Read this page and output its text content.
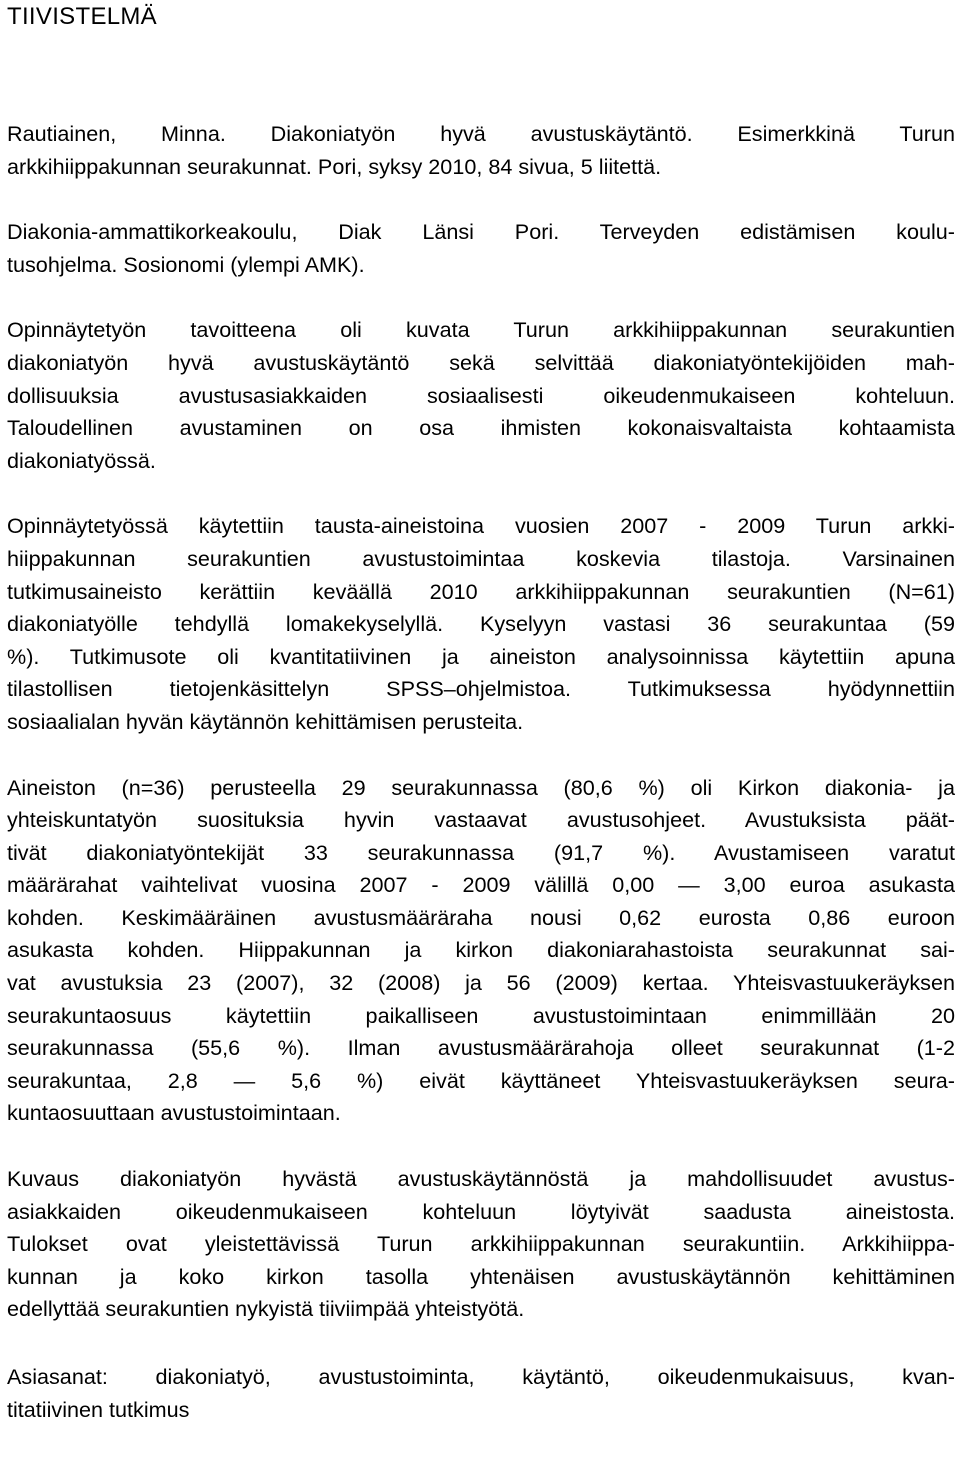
TIIVISTELMÄ

Rautiainen, Minna. Diakoniatyön hyvä avustuskäytäntö. Esimerkkinä Turun
arkkihiippakunnan seurakunnat. Pori, syksy 2010, 84 sivua, 5 liitettä.

Diakonia-ammattikorkeakoulu, Diak Länsi Pori. Terveyden edistämisen koulu-
tusohjelma. Sosionomi (ylempi AMK).

Opinnäytetyön tavoitteena oli kuvata Turun arkkihiippakunnan seurakuntien
diakoniatyön hyvä avustuskäytäntö sekä selvittää diakoniatyöntekijöiden mah-
dollisuuksia avustusasiakkaiden sosiaalisesti oikeudenmukaiseen kohteluun.
Taloudellinen avustaminen on osa ihmisten kokonaisvaltaista kohtaamista
diakoniatyössä.

Opinnäytetyössä käytettiin tausta-aineistoina vuosien 2007 - 2009 Turun arkki-
hiippakunnan seurakuntien avustustoimintaa koskevia tilastoja. Varsinainen
tutkimusaineisto kerättiin keväällä 2010 arkkihiippakunnan seurakuntien (N=61)
diakoniatyölle tehdyllä lomakekyselyllä. Kyselyyn vastasi 36 seurakuntaa (59
%). Tutkimusote oli kvantitatiivinen ja aineiston analysoinnissa käytettiin apuna
tilastollisen tietojenkäsittelyn SPSS–ohjelmistoa. Tutkimuksessa hyödynnettiin
sosiaalialan hyvän käytännön kehittämisen perusteita.

Aineiston (n=36) perusteella 29 seurakunnassa (80,6 %) oli Kirkon diakonia- ja
yhteiskuntatyön suosituksia hyvin vastaavat avustusohjeet. Avustuksista päät-
tivät diakoniatyöntekijät 33 seurakunnassa (91,7 %). Avustamiseen varatut
määrärahat vaihtelivat vuosina 2007 - 2009 välillä 0,00 — 3,00 euroa asukasta
kohden. Keskimääräinen avustusmääräraha nousi 0,62 eurosta 0,86 euroon
asukasta kohden. Hiippakunnan ja kirkon diakoniarahastoista seurakunnat sai-
vat avustuksia 23 (2007), 32 (2008) ja 56 (2009) kertaa. Yhteisvastuukeräyksen
seurakuntaosuus käytettiin paikalliseen avustustoimintaan enimmillään 20
seurakunnassa (55,6 %). Ilman avustusmäärärahoja olleet seurakunnat (1-2
seurakuntaa, 2,8 — 5,6 %) eivät käyttäneet Yhteisvastuukeräyksen seura-
kuntaosuuttaan avustustoimintaan.

Kuvaus diakoniatyön hyvästä avustuskäytännöstä ja mahdollisuudet avustus-
asiakkaiden oikeudenmukaiseen kohteluun löytyivät saadusta aineistosta.
Tulokset ovat yleistettävissä Turun arkkihiippakunnan seurakuntiin. Arkkihiippa-
kunnan ja koko kirkon tasolla yhtenäisen avustuskäytännön kehittäminen
edellyttää seurakuntien nykyistä tiiviimpää yhteistyötä.

Asiasanat: diakoniatyö, avustustoiminta, käytäntö, oikeudenmukaisuus, kvan-
titatiivinen tutkimus
